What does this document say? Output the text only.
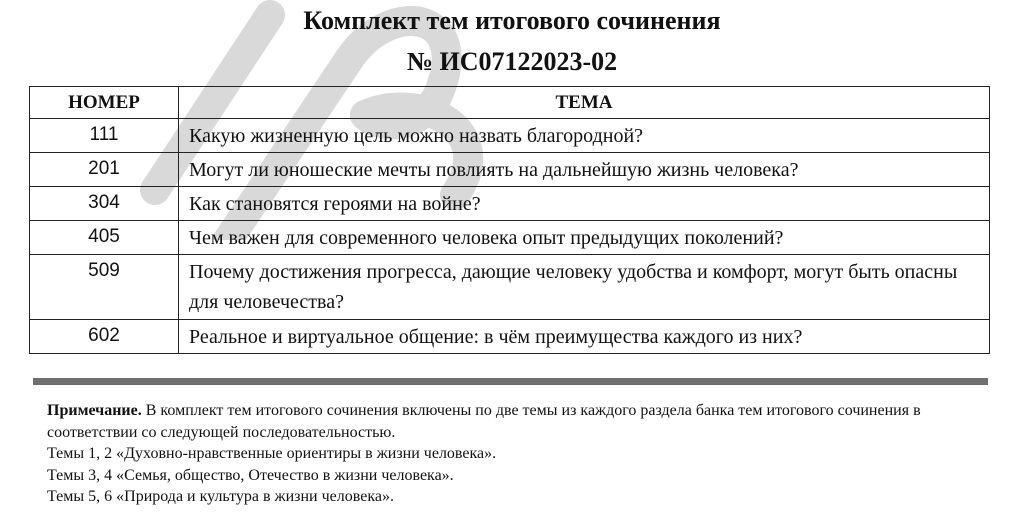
Комплект тем итогового сочинения
№ ИС07122023-02
НОМЕР	ТЕМА
111	Какую жизненную цель можно назвать благородной?
201	Могут ли юношеские мечты повлиять на дальнейшую жизнь человека?
304	Как становятся героями на войне?
405	Чем важен для современного человека опыт предыдущих поколений?
509	Почему достижения прогресса, дающие человеку удобства и комфорт, могут быть опасны для человечества?
602	Реальное и виртуальное общение: в чём преимущества каждого из них?
Примечание. В комплект тем итогового сочинения включены по две темы из каждого раздела банка тем итогового сочинения в соответствии со следующей последовательностью.
Темы 1, 2 «Духовно-нравственные ориентиры в жизни человека».
Темы 3, 4 «Семья, общество, Отечество в жизни человека».
Темы 5, 6 «Природа и культура в жизни человека».
